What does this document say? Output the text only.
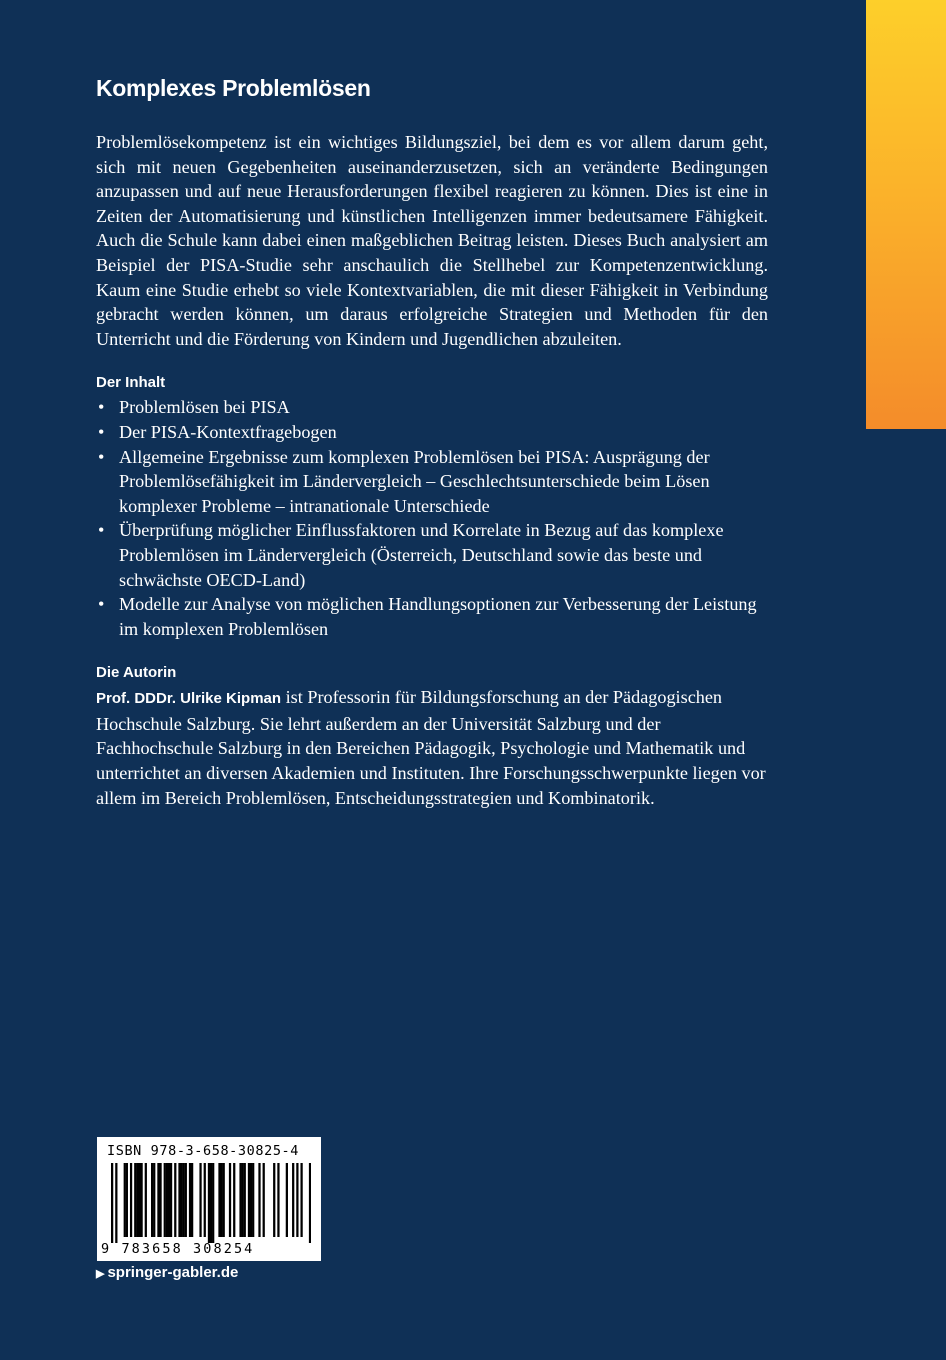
Komplexes Problemlösen

Problemlösekompetenz ist ein wichtiges Bildungsziel, bei dem es vor allem darum geht, sich mit neuen Gegebenheiten auseinanderzusetzen, sich an veränderte Bedingungen anzupassen und auf neue Herausforderungen flexibel reagieren zu können. Dies ist eine in Zeiten der Automatisierung und künstlichen Intelligenzen immer bedeutsamere Fähigkeit. Auch die Schule kann dabei einen maßgeblichen Beitrag leisten. Dieses Buch analysiert am Beispiel der PISA-Studie sehr anschaulich die Stellhebel zur Kompetenzentwicklung. Kaum eine Studie erhebt so viele Kontextvariablen, die mit dieser Fähigkeit in Verbindung gebracht werden können, um daraus erfolgreiche Strategien und Methoden für den Unterricht und die Förderung von Kindern und Jugendlichen abzuleiten.

Der Inhalt
• Problemlösen bei PISA
• Der PISA-Kontextfragebogen
• Allgemeine Ergebnisse zum komplexen Problemlösen bei PISA: Ausprägung der Problemlösefähigkeit im Ländervergleich – Geschlechtsunterschiede beim Lösen komplexer Probleme – intranationale Unterschiede
• Überprüfung möglicher Einflussfaktoren und Korrelate in Bezug auf das komplexe Problemlösen im Ländervergleich (Österreich, Deutschland sowie das beste und schwächste OECD-Land)
• Modelle zur Analyse von möglichen Handlungsoptionen zur Verbesserung der Leistung im komplexen Problemlösen
Die Autorin

Prof. DDDr. Ulrike Kipman ist Professorin für Bildungsforschung an der Pädagogischen Hochschule Salzburg. Sie lehrt außerdem an der Universität Salzburg und der Fachhochschule Salzburg in den Bereichen Pädagogik, Psychologie und Mathematik und unterrichtet an diversen Akademien und Instituten. Ihre Forschungsschwerpunkte liegen vor allem im Bereich Problemlösen, Entscheidungsstrategien und Kombinatorik.

ISBN 978-3-658-30825-4
9 783658 308254
▶ springer-gabler.de
